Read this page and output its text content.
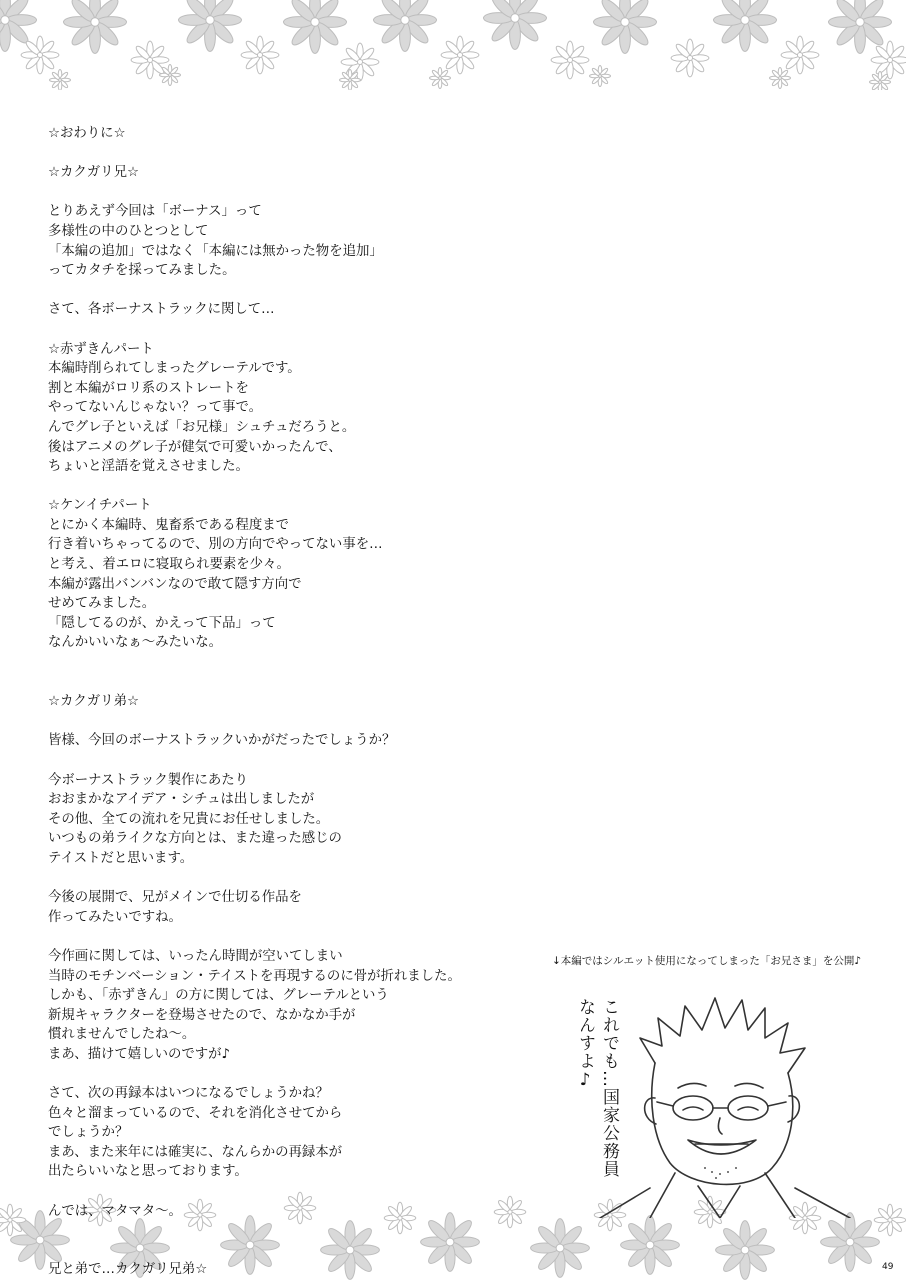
☆おわりに☆
☆カクガリ兄☆
とりあえず今回は「ボーナス」って
多様性の中のひとつとして
「本編の追加」ではなく「本編には無かった物を追加」
ってカタチを採ってみました。
さて、各ボーナストラックに関して…
☆赤ずきんパート
本編時削られてしまったグレーテルです。
割と本編がロリ系のストレートを
やってないんじゃない？って事で。
んでグレ子といえば「お兄様」シュチュだろうと。
後はアニメのグレ子が健気で可愛いかったんで、
ちょいと淫語を覚えさせました。
☆ケンイチパート
とにかく本編時、鬼畜系である程度まで
行き着いちゃってるので、別の方向でやってない事を…
と考え、着エロに寝取られ要素を少々。
本編が露出バンバンなので敢て隠す方向で
せめてみました。
「隠してるのが、かえって下品」って
なんかいいなぁ～みたいな。
☆カクガリ弟☆
皆様、今回のボーナストラックいかがだったでしょうか？
今ボーナストラック製作にあたり
おおまかなアイデア・シチュは出しましたが
その他、全ての流れを兄貴にお任せしました。
いつもの弟ライクな方向とは、また違った感じの
テイストだと思います。
今後の展開で、兄がメインで仕切る作品を
作ってみたいですね。
今作画に関しては、いったん時間が空いてしまい
当時のモチンベーション・テイストを再現するのに骨が折れました。
しかも、「赤ずきん」の方に関しては、グレーテルという
新規キャラクターを登場させたので、なかなか手が
慣れませんでしたね～。
まあ、描けて嬉しいのですが♪
さて、次の再録本はいつになるでしょうかね？
色々と溜まっているので、それを消化させてから
でしょうか？
まあ、また来年には確実に、なんらかの再録本が
出たらいいなと思っております。
んでは、マタマタ～。
兄と弟で…カクガリ兄弟☆
↓本編ではシルエット使用になってしまった「お兄さま」を公開♪
これでも…国家公務員なんすよ♪
49
